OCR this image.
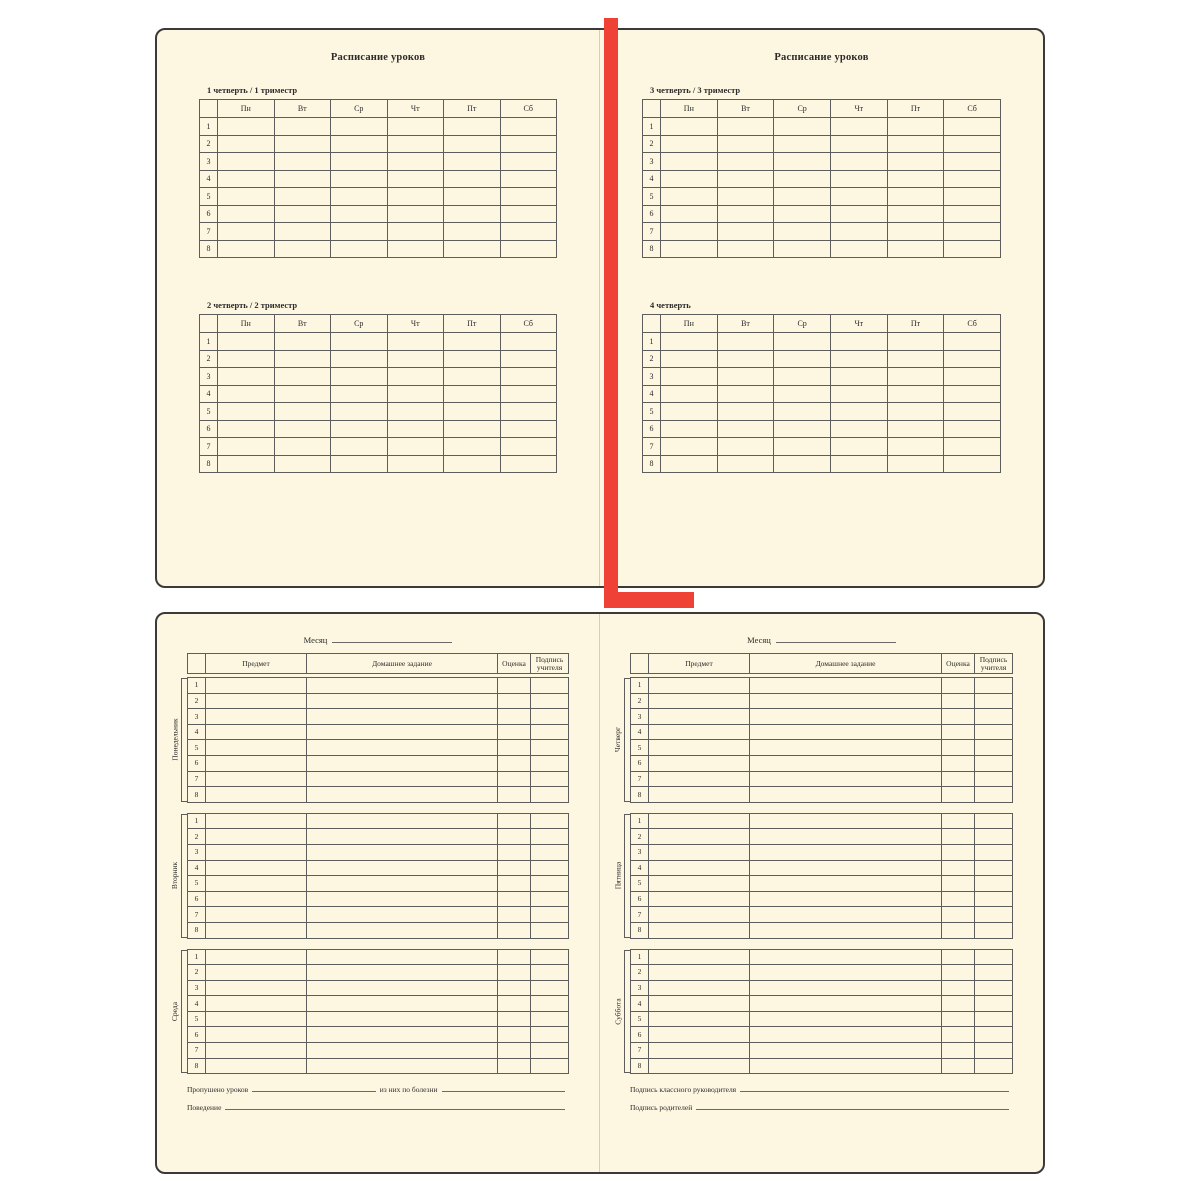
Расписание уроков
1 четверть / 1 триместр
	Пн	Вт	Ср	Чт	Пт	Сб
1						
2						
3						
4						
5						
6						
7						
8						
2 четверть / 2 триместр
	Пн	Вт	Ср	Чт	Пт	Сб
1						
2						
3						
4						
5						
6						
7						
8						
Расписание уроков
3 четверть / 3 триместр
	Пн	Вт	Ср	Чт	Пт	Сб
1						
2						
3						
4						
5						
6						
7						
8						
4 четверть
	Пн	Вт	Ср	Чт	Пт	Сб
1						
2						
3						
4						
5						
6						
7						
8						
Месяц
	Предмет	Домашнее задание	Оценка	Подпись
учителя
Понедельник
1				
2				
3				
4				
5				
6				
7				
8				
Вторник
1				
2				
3				
4				
5				
6				
7				
8				
Среда
1				
2				
3				
4				
5				
6				
7				
8				
Пропушено уроков	из них по болезни
Поведение
Месяц
	Предмет	Домашнее задание	Оценка	Подпись
учителя
Четверг
1				
2				
3				
4				
5				
6				
7				
8				
Пятница
1				
2				
3				
4				
5				
6				
7				
8				
Суббота
1				
2				
3				
4				
5				
6				
7				
8				
Подпись классного руководителя
Подпись родителей
